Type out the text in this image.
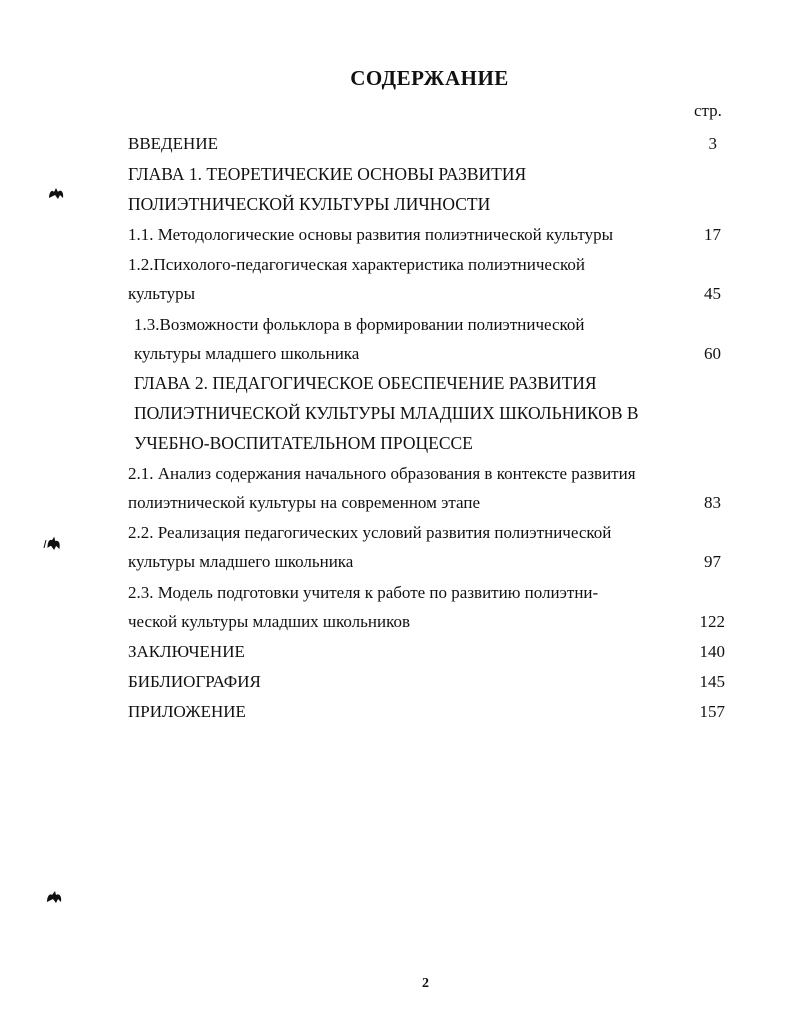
СОДЕРЖАНИЕ
стр.
ВВЕДЕНИЕ	3
ГЛАВА 1. ТЕОРЕТИЧЕСКИЕ ОСНОВЫ РАЗВИТИЯ
ПОЛИЭТНИЧЕСКОЙ КУЛЬТУРЫ ЛИЧНОСТИ
1.1. Методологические основы развития полиэтнической культуры	17
1.2.Психолого-педагогическая характеристика полиэтнической
культуры	45
1.3.Возможности фольклора в формировании полиэтнической
культуры младшего школьника	60
ГЛАВА 2. ПЕДАГОГИЧЕСКОЕ ОБЕСПЕЧЕНИЕ РАЗВИТИЯ
ПОЛИЭТНИЧЕСКОЙ КУЛЬТУРЫ МЛАДШИХ ШКОЛЬНИКОВ В
УЧЕБНО-ВОСПИТАТЕЛЬНОМ ПРОЦЕССЕ
2.1. Анализ содержания начального образования в контексте развития
полиэтнической культуры на современном этапе	83
2.2. Реализация педагогических условий развития полиэтнической
культуры младшего школьника	97
2.3. Модель подготовки учителя к работе по развитию полиэтни-
ческой культуры младших школьников	122
ЗАКЛЮЧЕНИЕ	140
БИБЛИОГРАФИЯ	145
ПРИЛОЖЕНИЕ	157
2
